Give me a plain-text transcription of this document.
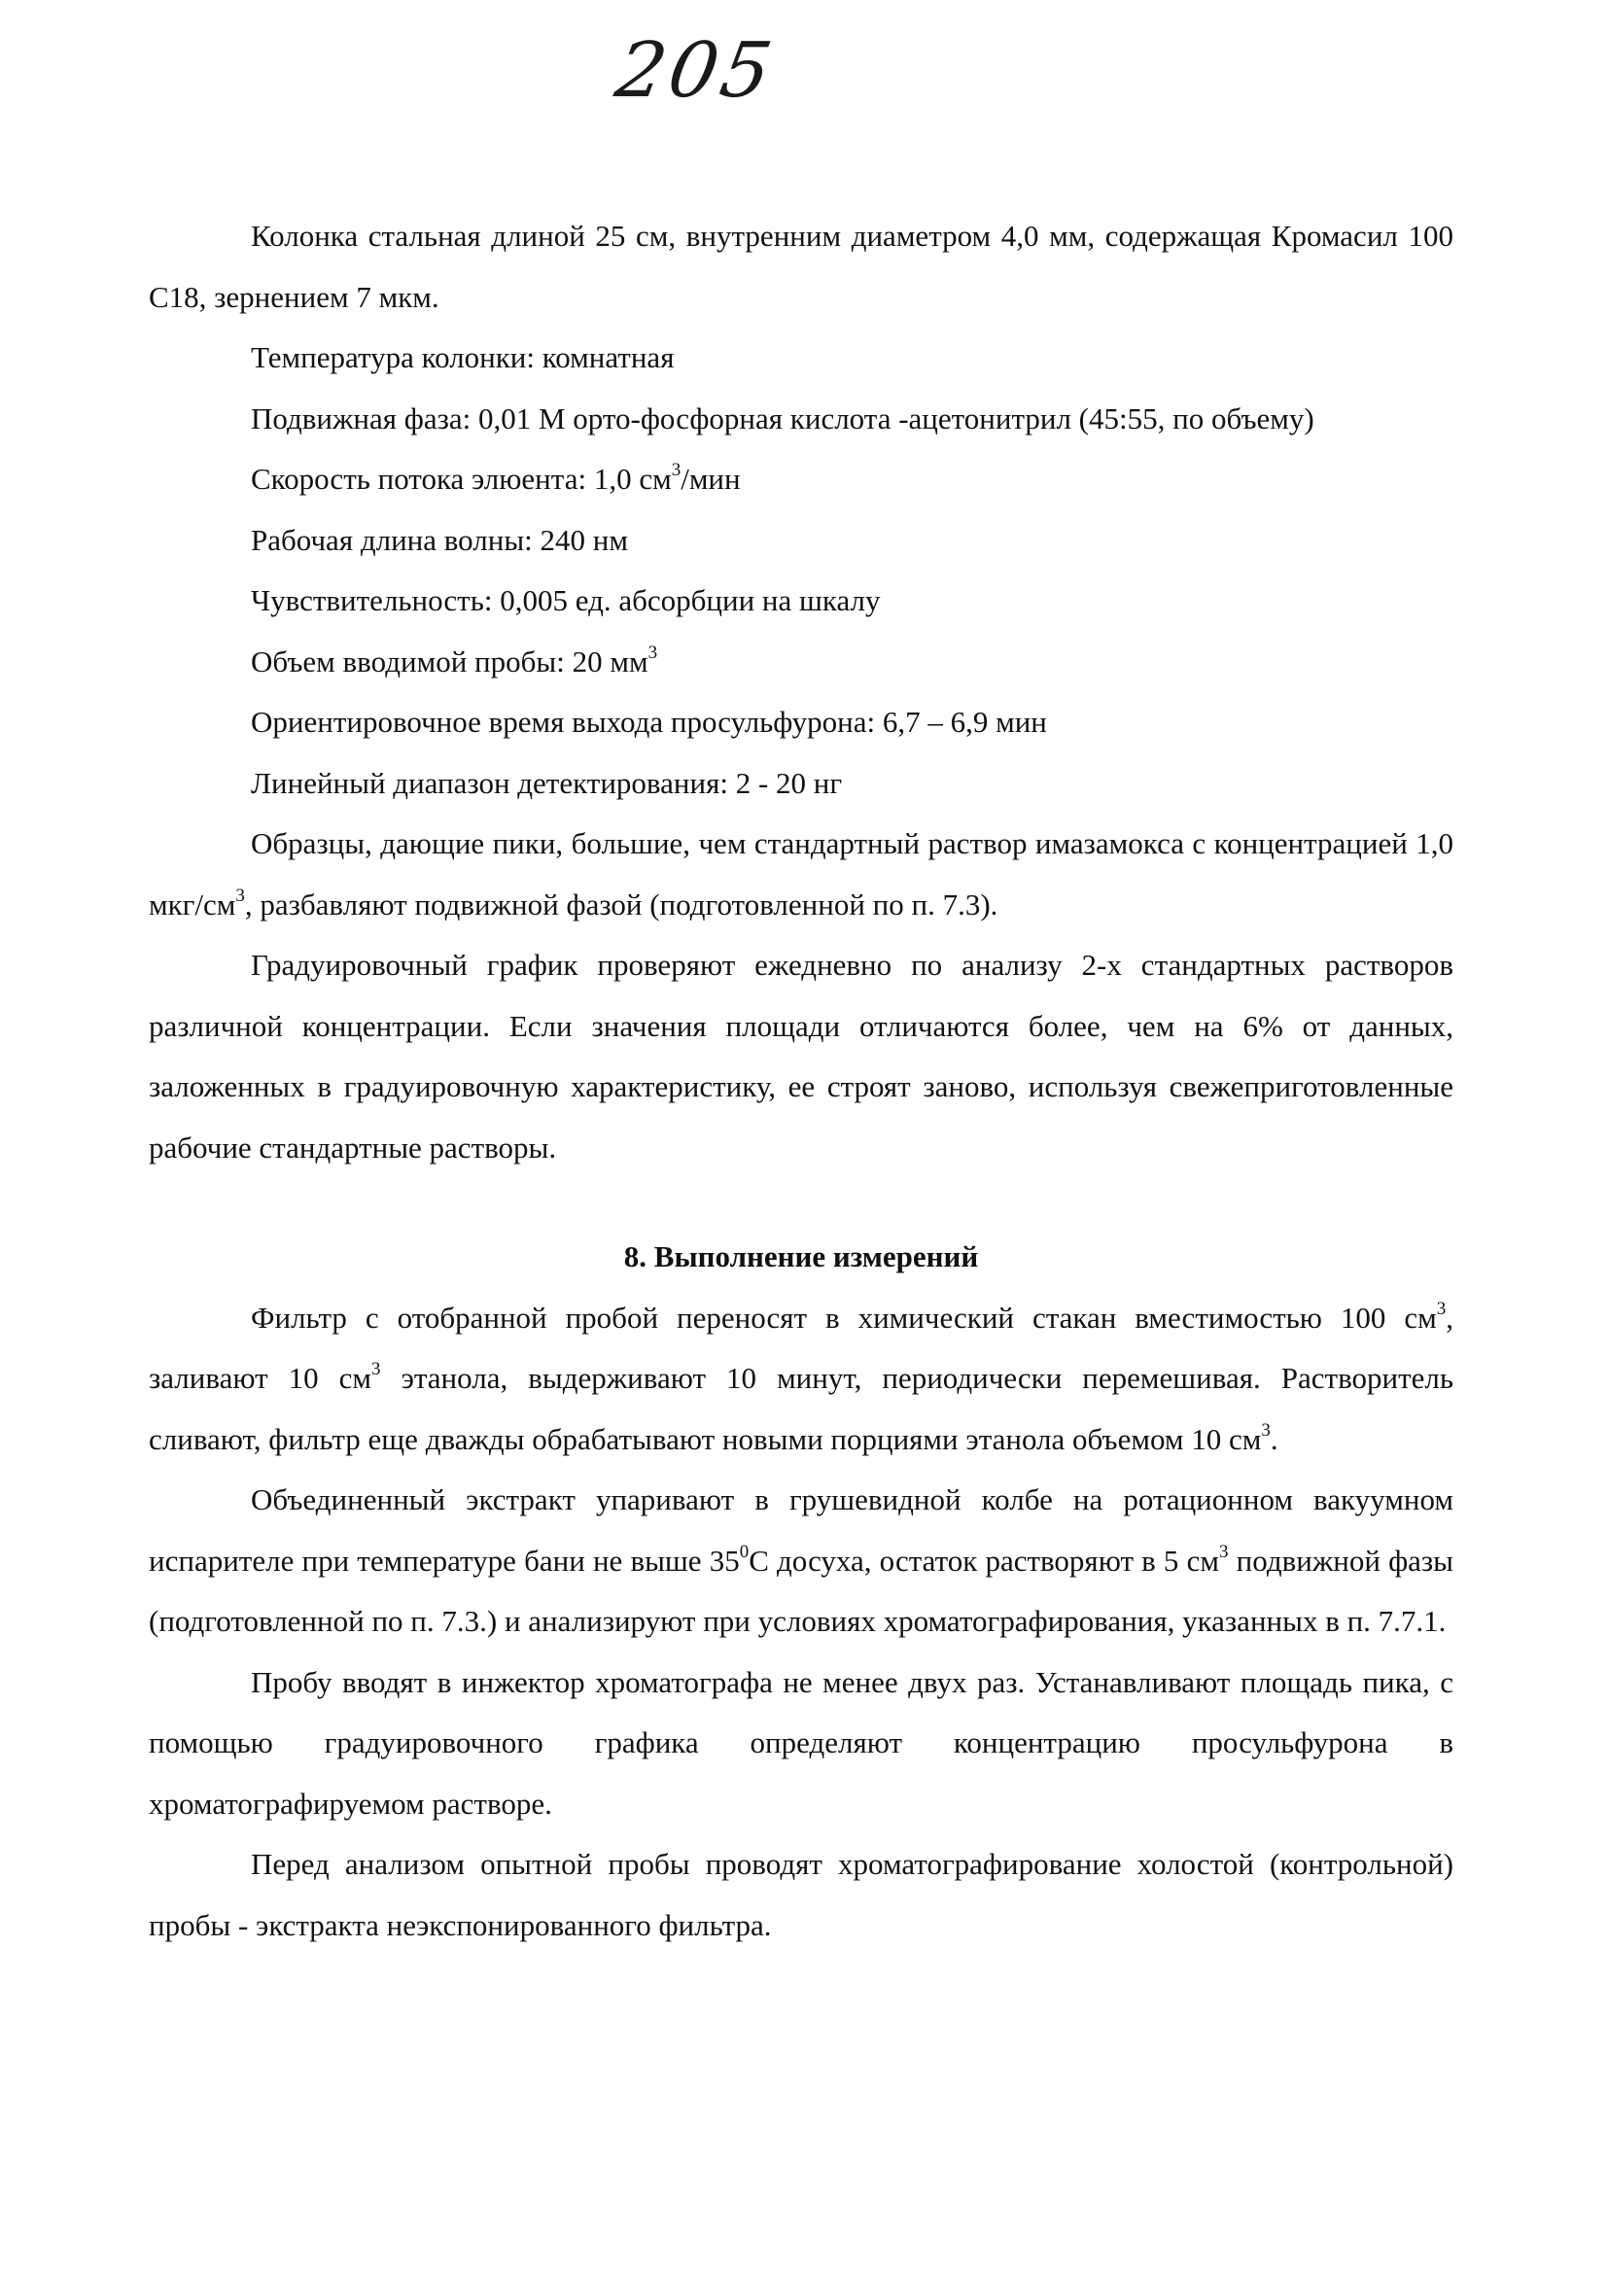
205

Колонка стальная длиной 25 см, внутренним диаметром 4,0 мм, содержащая Кромасил 100 С18, зернением 7 мкм.

Температура колонки: комнатная

Подвижная фаза: 0,01 М орто-фосфорная кислота -ацетонитрил (45:55, по объему)

Скорость потока элюента: 1,0 $см^3$/мин

Рабочая длина волны: 240 нм

Чувствительность: 0,005 ед. абсорбции на шкалу

Объем вводимой пробы: 20 $мм^3$

Ориентировочное время выхода просульфурона: 6,7 – 6,9 мин

Линейный диапазон детектирования: 2 - 20 нг

Образцы, дающие пики, большие, чем стандартный раствор имазамокса с концентрацией 1,0 мкг/$см^3$, разбавляют подвижной фазой (подготовленной по п. 7.3).

Градуировочный график проверяют ежедневно по анализу 2-х стандартных растворов различной концентрации. Если значения площади отличаются более, чем на 6% от данных, заложенных в градуировочную характеристику, ее строят заново, используя свежеприготовленные рабочие стандартные растворы.

8. Выполнение измерений

Фильтр с отобранной пробой переносят в химический стакан вместимостью 100 $см^3$, заливают 10 $см^3$ этанола, выдерживают 10 минут, периодически перемешивая. Растворитель сливают, фильтр еще дважды обрабатывают новыми порциями этанола объемом 10 $см^3$.

Объединенный экстракт упаривают в грушевидной колбе на ротационном вакуумном испарителе при температуре бани не выше $35^0С$ досуха, остаток растворяют в 5 $см^3$ подвижной фазы (подготовленной по п. 7.3.) и анализируют при условиях хроматографирования, указанных в п. 7.7.1.

Пробу вводят в инжектор хроматографа не менее двух раз. Устанавливают площадь пика, с помощью градуировочного графика определяют концентрацию просульфурона в хроматографируемом растворе.

Перед анализом опытной пробы проводят хроматографирование холостой (контрольной) пробы - экстракта неэкспонированного фильтра.
